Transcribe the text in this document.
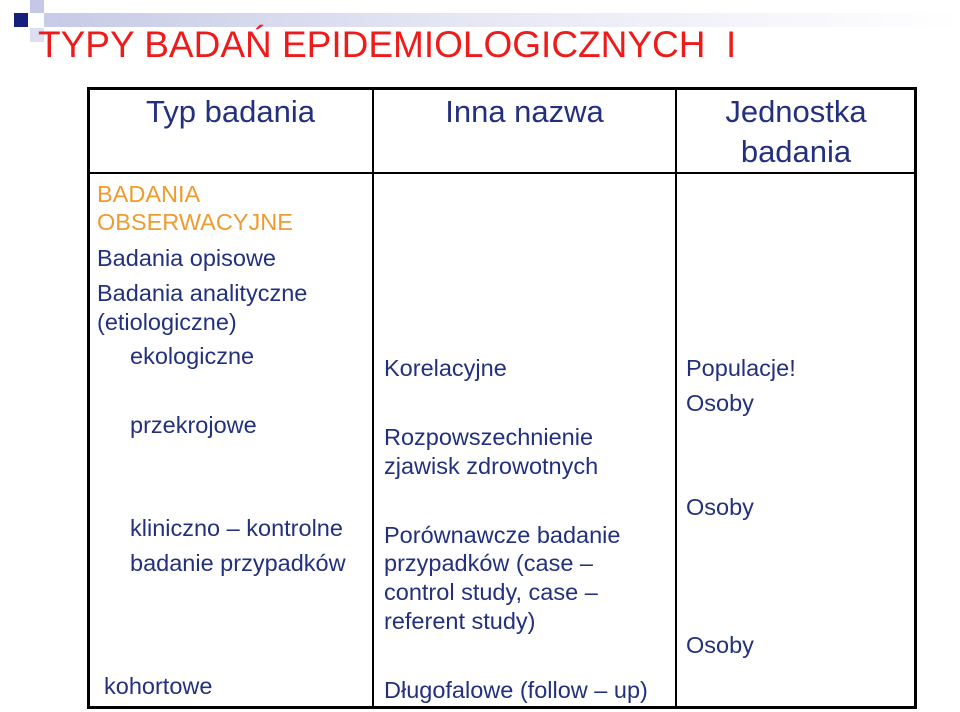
TYPY BADAŃ EPIDEMIOLOGICZNYCH  I
Typ badania	Inna nazwa	Jednostka
badania
BADANIA
OBSERWACYJNE
Badania opisowe
Badania analityczne
(etiologiczne)
ekologiczne
przekrojowe
kliniczno – kontrolne
badanie przypadków
kohortowe
Korelacyjne
Rozpowszechnienie
zjawisk zdrowotnych
Porównawcze badanie
przypadków (case –
control study, case –
referent study)
Długofalowe (follow – up)
Populacje!
Osoby
Osoby
Osoby
